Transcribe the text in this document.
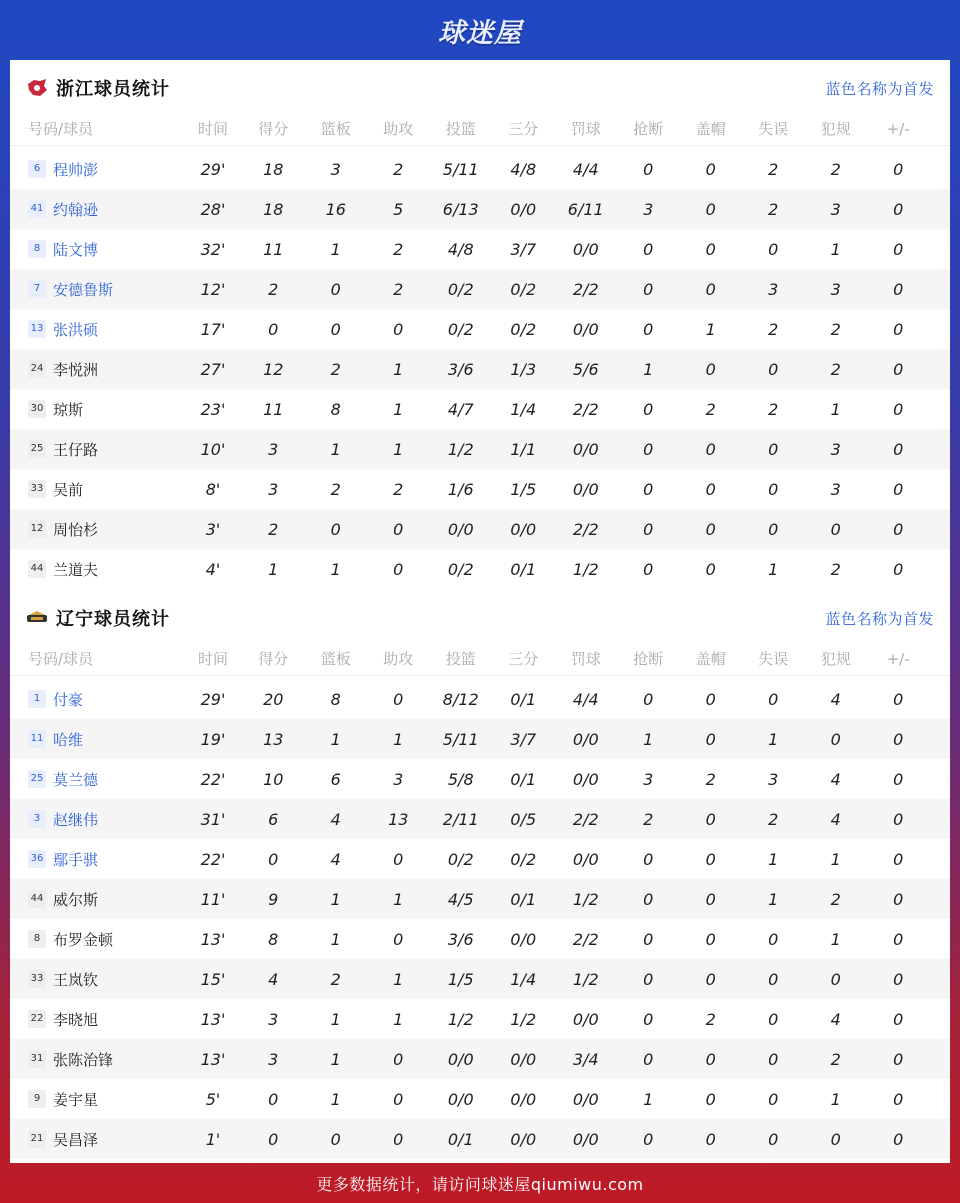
球迷屋
浙江球员统计	蓝色名称为首发
号码/球员	时间	得分	篮板	助攻	投篮	三分	罚球	抢断	盖帽	失误	犯规	+/-
6 程帅澎	29'	18	3	2	5/11	4/8	4/4	0	0	2	2	0
41 约翰逊	28'	18	16	5	6/13	0/0	6/11	3	0	2	3	0
8 陆文博	32'	11	1	2	4/8	3/7	0/0	0	0	0	1	0
7 安德鲁斯	12'	2	0	2	0/2	0/2	2/2	0	0	3	3	0
13 张洪硕	17'	0	0	0	0/2	0/2	0/0	0	1	2	2	0
24 李悦洲	27'	12	2	1	3/6	1/3	5/6	1	0	0	2	0
30 琼斯	23'	11	8	1	4/7	1/4	2/2	0	2	2	1	0
25 王仔路	10'	3	1	1	1/2	1/1	0/0	0	0	0	3	0
33 吴前	8'	3	2	2	1/6	1/5	0/0	0	0	0	3	0
12 周怡杉	3'	2	0	0	0/0	0/0	2/2	0	0	0	0	0
44 兰道夫	4'	1	1	0	0/2	0/1	1/2	0	0	1	2	0
辽宁球员统计	蓝色名称为首发
号码/球员	时间	得分	篮板	助攻	投篮	三分	罚球	抢断	盖帽	失误	犯规	+/-
1 付豪	29'	20	8	0	8/12	0/1	4/4	0	0	0	4	0
11 哈维	19'	13	1	1	5/11	3/7	0/0	1	0	1	0	0
25 莫兰德	22'	10	6	3	5/8	0/1	0/0	3	2	3	4	0
3 赵继伟	31'	6	4	13	2/11	0/5	2/2	2	0	2	4	0
36 鄢手骐	22'	0	4	0	0/2	0/2	0/0	0	0	1	1	0
44 威尔斯	11'	9	1	1	4/5	0/1	1/2	0	0	1	2	0
8 布罗金顿	13'	8	1	0	3/6	0/0	2/2	0	0	0	1	0
33 王岚钦	15'	4	2	1	1/5	1/4	1/2	0	0	0	0	0
22 李晓旭	13'	3	1	1	1/2	1/2	0/0	0	2	0	4	0
31 张陈治锋	13'	3	1	0	0/0	0/0	3/4	0	0	0	2	0
9 姜宇星	5'	0	1	0	0/0	0/0	0/0	1	0	0	1	0
21 吴昌泽	1'	0	0	0	0/1	0/0	0/0	0	0	0	0	0
更多数据统计，请访问球迷屋qiumiwu.com
